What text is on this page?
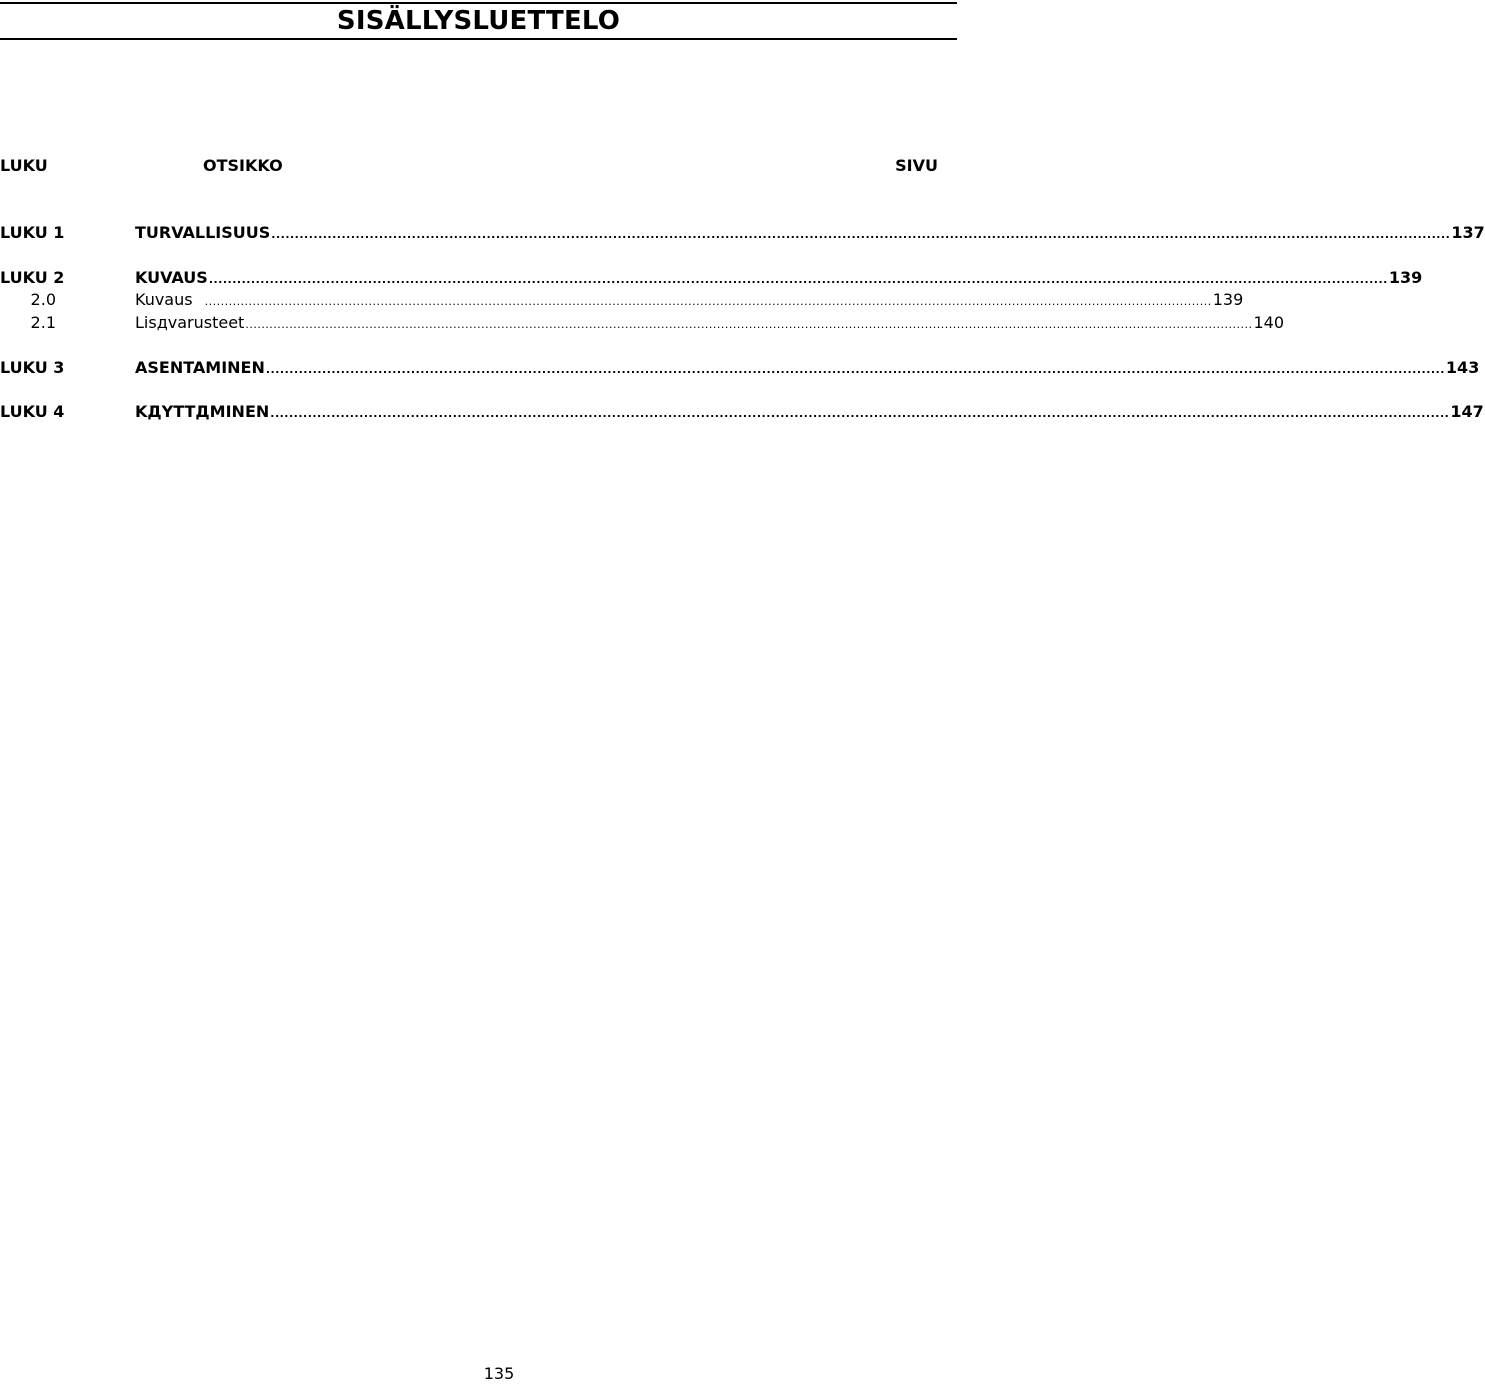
SISÄLLYSLUETTELO
LUKU	OTSIKKO	SIVU
LUKU 1	TURVALLISUUS ............................................................................................................................................................................................................................................................ 137
LUKU 2	KUVAUS ............................................................................................................................................................................................................................................................ 139
2.0	Kuvaus ............................................................................................................................................................................................................................................................ 139
2.1	Lisдvarusteet ............................................................................................................................................................................................................................................................ 140
LUKU 3	ASENTAMINEN ............................................................................................................................................................................................................................................................ 143
LUKU 4	KДYTTДMINEN ............................................................................................................................................................................................................................................................ 147
135
